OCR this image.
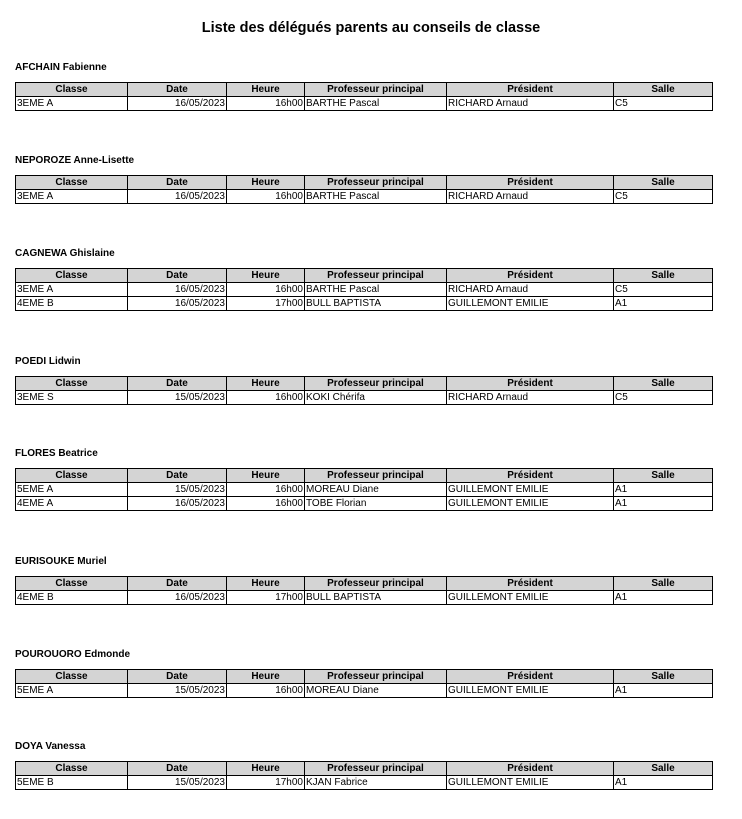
Liste des délégués parents au conseils de classe
AFCHAIN Fabienne
Classe	Date	Heure	Professeur principal	Président	Salle
3EME A	16/05/2023	16h00	BARTHE Pascal	RICHARD Arnaud	C5
NEPOROZE Anne-Lisette
Classe	Date	Heure	Professeur principal	Président	Salle
3EME A	16/05/2023	16h00	BARTHE Pascal	RICHARD Arnaud	C5
CAGNEWA Ghislaine
Classe	Date	Heure	Professeur principal	Président	Salle
3EME A	16/05/2023	16h00	BARTHE Pascal	RICHARD Arnaud	C5
4EME B	16/05/2023	17h00	BULL BAPTISTA	GUILLEMONT EMILIE	A1
POEDI Lidwin
Classe	Date	Heure	Professeur principal	Président	Salle
3EME S	15/05/2023	16h00	KOKI Chérifa	RICHARD Arnaud	C5
FLORES Beatrice
Classe	Date	Heure	Professeur principal	Président	Salle
5EME A	15/05/2023	16h00	MOREAU Diane	GUILLEMONT EMILIE	A1
4EME A	16/05/2023	16h00	TOBE Florian	GUILLEMONT EMILIE	A1
EURISOUKE Muriel
Classe	Date	Heure	Professeur principal	Président	Salle
4EME B	16/05/2023	17h00	BULL BAPTISTA	GUILLEMONT EMILIE	A1
POUROUORO Edmonde
Classe	Date	Heure	Professeur principal	Président	Salle
5EME A	15/05/2023	16h00	MOREAU Diane	GUILLEMONT EMILIE	A1
DOYA Vanessa
Classe	Date	Heure	Professeur principal	Président	Salle
5EME B	15/05/2023	17h00	KJAN Fabrice	GUILLEMONT EMILIE	A1
